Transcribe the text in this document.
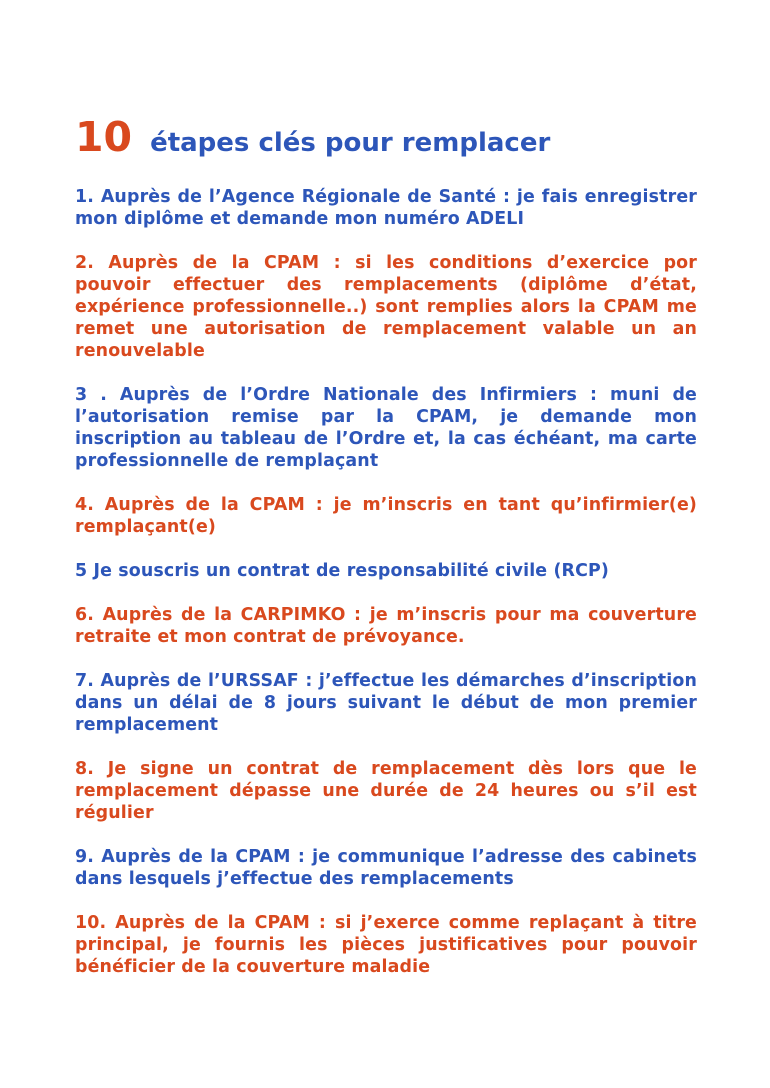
10 étapes clés pour remplacer

1. Auprès de l’Agence Régionale de Santé : je fais enregistrer mon diplôme et demande mon numéro ADELI

2. Auprès de la CPAM : si les conditions d’exercice por pouvoir effectuer des remplacements (diplôme d’état, expérience professionnelle..) sont remplies alors la CPAM me remet une autorisation de remplacement valable un an renouvelable

3 . Auprès de l’Ordre Nationale des Infirmiers : muni de l’autorisation remise par la CPAM, je demande mon inscription au tableau de l’Ordre et, la cas échéant, ma carte professionnelle de remplaçant

4. Auprès de la CPAM : je m’inscris en tant qu’infirmier(e) remplaçant(e)

5 Je souscris un contrat de responsabilité civile (RCP)

6. Auprès de la CARPIMKO : je m’inscris pour ma couverture retraite et mon contrat de prévoyance.

7. Auprès de l’URSSAF : j’effectue les démarches d’inscription dans un délai de 8 jours suivant le début de mon premier remplacement

8. Je signe un contrat de remplacement dès lors que le remplacement dépasse une durée de 24 heures ou s’il est régulier

9. Auprès de la CPAM : je communique l’adresse des cabinets dans lesquels j’effectue des remplacements

10. Auprès de la CPAM : si j’exerce comme replaçant à titre principal, je fournis les pièces justificatives pour pouvoir bénéficier de la couverture maladie
